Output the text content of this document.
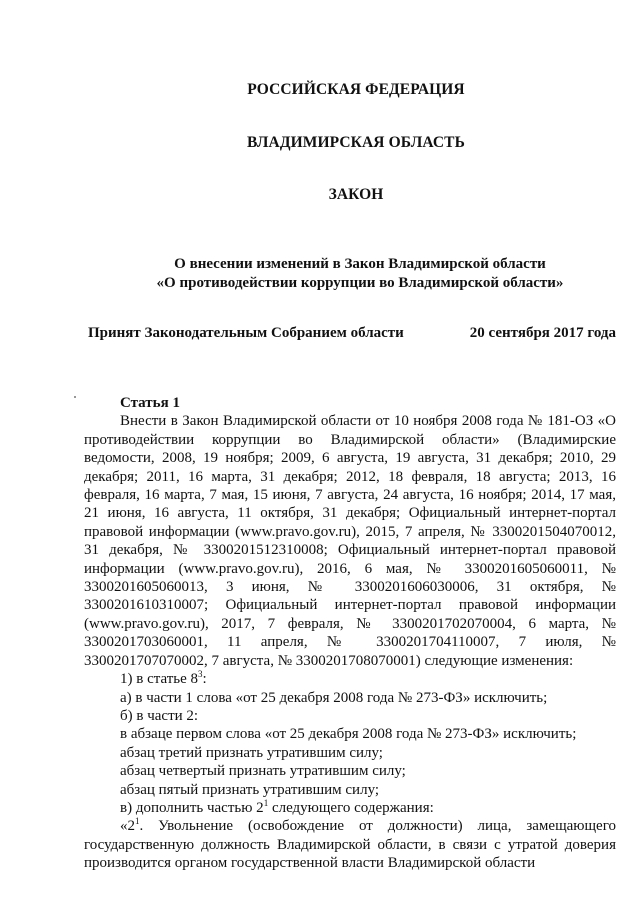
РОССИЙСКАЯ ФЕДЕРАЦИЯ
ВЛАДИМИРСКАЯ ОБЛАСТЬ
ЗАКОН
О внесении изменений в Закон Владимирской области
«О противодействии коррупции во Владимирской области»
Принят Законодательным Собранием области	20 сентября 2017 года

Статья 1

Внести в Закон Владимирской области от 10 ноября 2008 года № 181-ОЗ «О противодействии коррупции во Владимирской области» (Владимирские ведомости, 2008, 19 ноября; 2009, 6 августа, 19 августа, 31 декабря; 2010, 29 декабря; 2011, 16 марта, 31 декабря; 2012, 18 февраля, 18 августа; 2013, 16 февраля, 16 марта, 7 мая, 15 июня, 7 августа, 24 августа, 16 ноября; 2014, 17 мая, 21 июня, 16 августа, 11 октября, 31 декабря; Официальный интернет-портал правовой информации (www.pravo.gov.ru), 2015, 7 апреля, № 3300201504070012, 31 декабря, № 3300201512310008; Официальный интернет-портал правовой информации (www.pravo.gov.ru), 2016, 6 мая, № 3300201605060011, № 3300201605060013, 3 июня, № 3300201606030006, 31 октября, № 3300201610310007; Официальный интернет-портал правовой информации (www.pravo.gov.ru), 2017, 7 февраля, № 3300201702070004, 6 марта, № 3300201703060001, 11 апреля, № 3300201704110007, 7 июля, № 3300201707070002, 7 августа, № 3300201708070001) следующие изменения:

1) в статье $8^3$:

а) в части 1 слова «от 25 декабря 2008 года № 273-ФЗ» исключить;

б) в части 2:

в абзаце первом слова «от 25 декабря 2008 года № 273-ФЗ» исключить;

абзац третий признать утратившим силу;

абзац четвертый признать утратившим силу;

абзац пятый признать утратившим силу;

в) дополнить частью $2^1$ следующего содержания:

«$2^1$. Увольнение (освобождение от должности) лица, замещающего государственную должность Владимирской области, в связи с утратой доверия производится органом государственной власти Владимирской области
